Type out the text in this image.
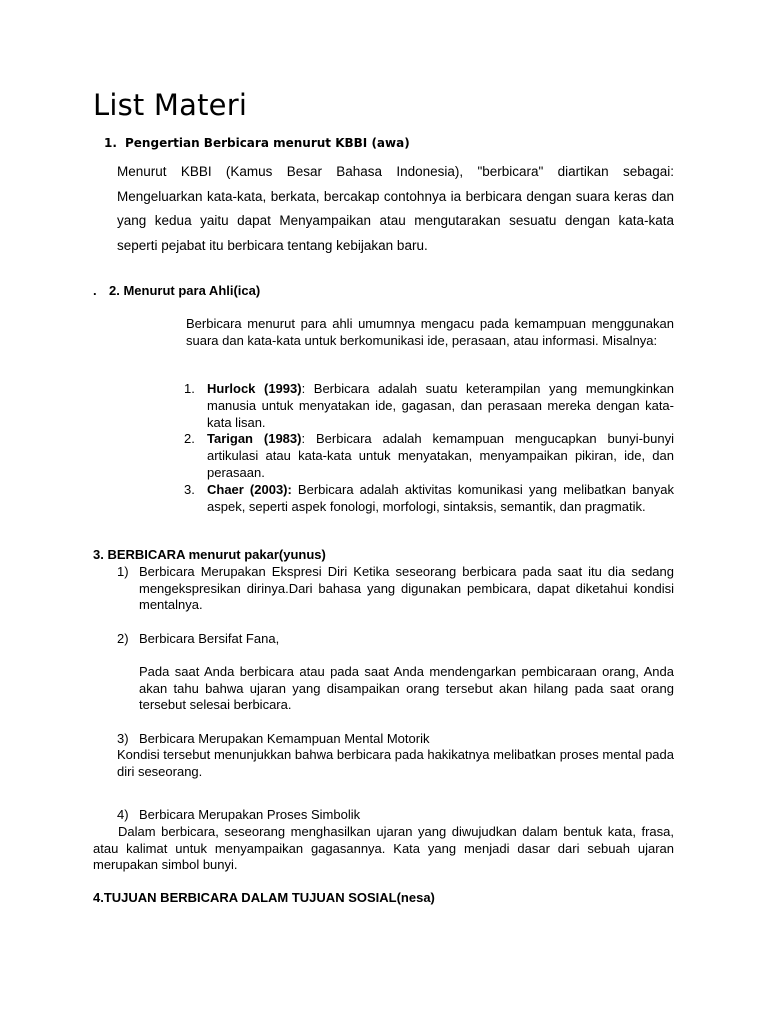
List Materi
1. Pengertian Berbicara menurut KBBI (awa)
Menurut KBBI (Kamus Besar Bahasa Indonesia), "berbicara" diartikan sebagai: Mengeluarkan kata-kata, berkata, bercakap contohnya ia berbicara dengan suara keras dan yang kedua yaitu dapat Menyampaikan atau mengutarakan sesuatu dengan kata-kata seperti pejabat itu berbicara tentang kebijakan baru.
. 2. Menurut para Ahli(ica)
Berbicara menurut para ahli umumnya mengacu pada kemampuan menggunakan suara dan kata-kata untuk berkomunikasi ide, perasaan, atau informasi. Misalnya:
1. Hurlock (1993): Berbicara adalah suatu keterampilan yang memungkinkan manusia untuk menyatakan ide, gagasan, dan perasaan mereka dengan kata-kata lisan.
2. Tarigan (1983): Berbicara adalah kemampuan mengucapkan bunyi-bunyi artikulasi atau kata-kata untuk menyatakan, menyampaikan pikiran, ide, dan perasaan.
3. Chaer (2003): Berbicara adalah aktivitas komunikasi yang melibatkan banyak aspek, seperti aspek fonologi, morfologi, sintaksis, semantik, dan pragmatik.
3. BERBICARA menurut pakar(yunus)
1) Berbicara Merupakan Ekspresi Diri Ketika seseorang berbicara pada saat itu dia sedang mengekspresikan dirinya.Dari bahasa yang digunakan pembicara, dapat diketahui kondisi mentalnya.
2) Berbicara Bersifat Fana,
Pada saat Anda berbicara atau pada saat Anda mendengarkan pembicaraan orang, Anda akan tahu bahwa ujaran yang disampaikan orang tersebut akan hilang pada saat orang tersebut selesai berbicara.
3) Berbicara Merupakan Kemampuan Mental Motorik
Kondisi tersebut menunjukkan bahwa berbicara pada hakikatnya melibatkan proses mental pada diri seseorang.
4) Berbicara Merupakan Proses Simbolik
Dalam berbicara, seseorang menghasilkan ujaran yang diwujudkan dalam bentuk kata, frasa, atau kalimat untuk menyampaikan gagasannya. Kata yang menjadi dasar dari sebuah ujaran merupakan simbol bunyi.
4.TUJUAN BERBICARA DALAM TUJUAN SOSIAL(nesa)
